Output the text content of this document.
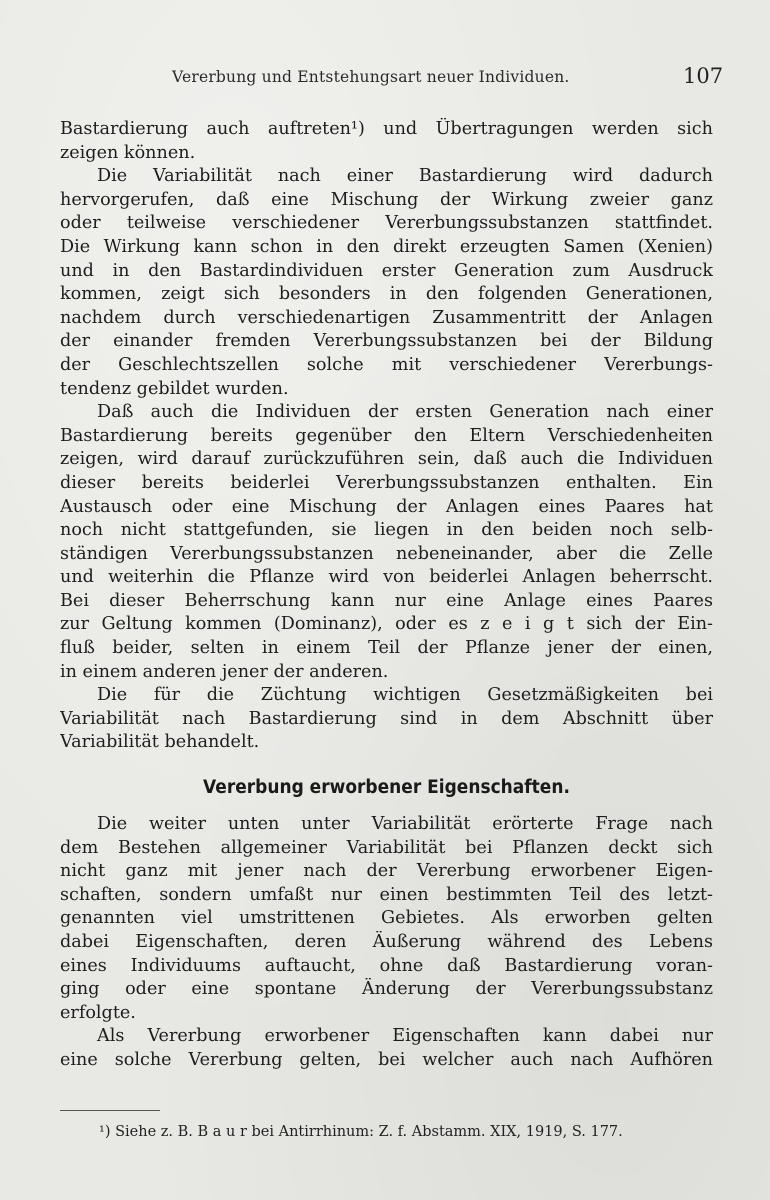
Vererbung und Entstehungsart neuer Individuen.	107
Bastardierung auch auftreten¹) und Übertragungen werden sich
zeigen können.
Die Variabilität nach einer Bastardierung wird dadurch
hervorgerufen, daß eine Mischung der Wirkung zweier ganz
oder teilweise verschiedener Vererbungssubstanzen stattfindet.
Die Wirkung kann schon in den direkt erzeugten Samen (Xenien)
und in den Bastardindividuen erster Generation zum Ausdruck
kommen, zeigt sich besonders in den folgenden Generationen,
nachdem durch verschiedenartigen Zusammentritt der Anlagen
der einander fremden Vererbungssubstanzen bei der Bildung
der Geschlechtszellen solche mit verschiedener Vererbungs-
tendenz gebildet wurden.
Daß auch die Individuen der ersten Generation nach einer
Bastardierung bereits gegenüber den Eltern Verschiedenheiten
zeigen, wird darauf zurückzuführen sein, daß auch die Individuen
dieser bereits beiderlei Vererbungssubstanzen enthalten. Ein
Austausch oder eine Mischung der Anlagen eines Paares hat
noch nicht stattgefunden, sie liegen in den beiden noch selb-
ständigen Vererbungssubstanzen nebeneinander, aber die Zelle
und weiterhin die Pflanze wird von beiderlei Anlagen beherrscht.
Bei dieser Beherrschung kann nur eine Anlage eines Paares
zur Geltung kommen (Dominanz), oder es z e i g t sich der Ein-
fluß beider, selten in einem Teil der Pflanze jener der einen,
in einem anderen jener der anderen.
Die für die Züchtung wichtigen Gesetzmäßigkeiten bei
Variabilität nach Bastardierung sind in dem Abschnitt über
Variabilität behandelt.
Vererbung erworbener Eigenschaften.
Die weiter unten unter Variabilität erörterte Frage nach
dem Bestehen allgemeiner Variabilität bei Pflanzen deckt sich
nicht ganz mit jener nach der Vererbung erworbener Eigen-
schaften, sondern umfaßt nur einen bestimmten Teil des letzt-
genannten viel umstrittenen Gebietes. Als erworben gelten
dabei Eigenschaften, deren Äußerung während des Lebens
eines Individuums auftaucht, ohne daß Bastardierung voran-
ging oder eine spontane Änderung der Vererbungssubstanz
erfolgte.
Als Vererbung erworbener Eigenschaften kann dabei nur
eine solche Vererbung gelten, bei welcher auch nach Aufhören
¹) Siehe z. B. B a u r bei Antirrhinum: Z. f. Abstamm. XIX, 1919, S. 177.
